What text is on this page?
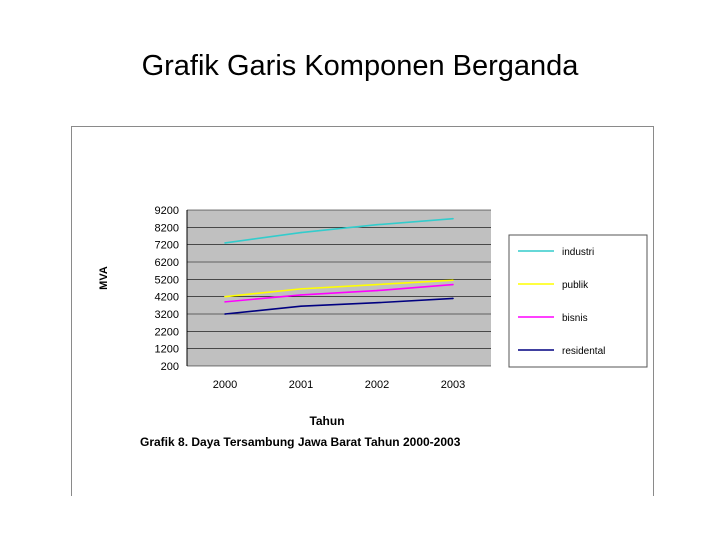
Grafik Garis Komponen Berganda
200
1200
2200
3200
4200
5200
6200
7200
8200
9200
2000	2001	2002	2003
MVA
Tahun
Grafik 8. Daya Tersambung Jawa Barat Tahun 2000-2003
industri
publik
bisnis
residental
